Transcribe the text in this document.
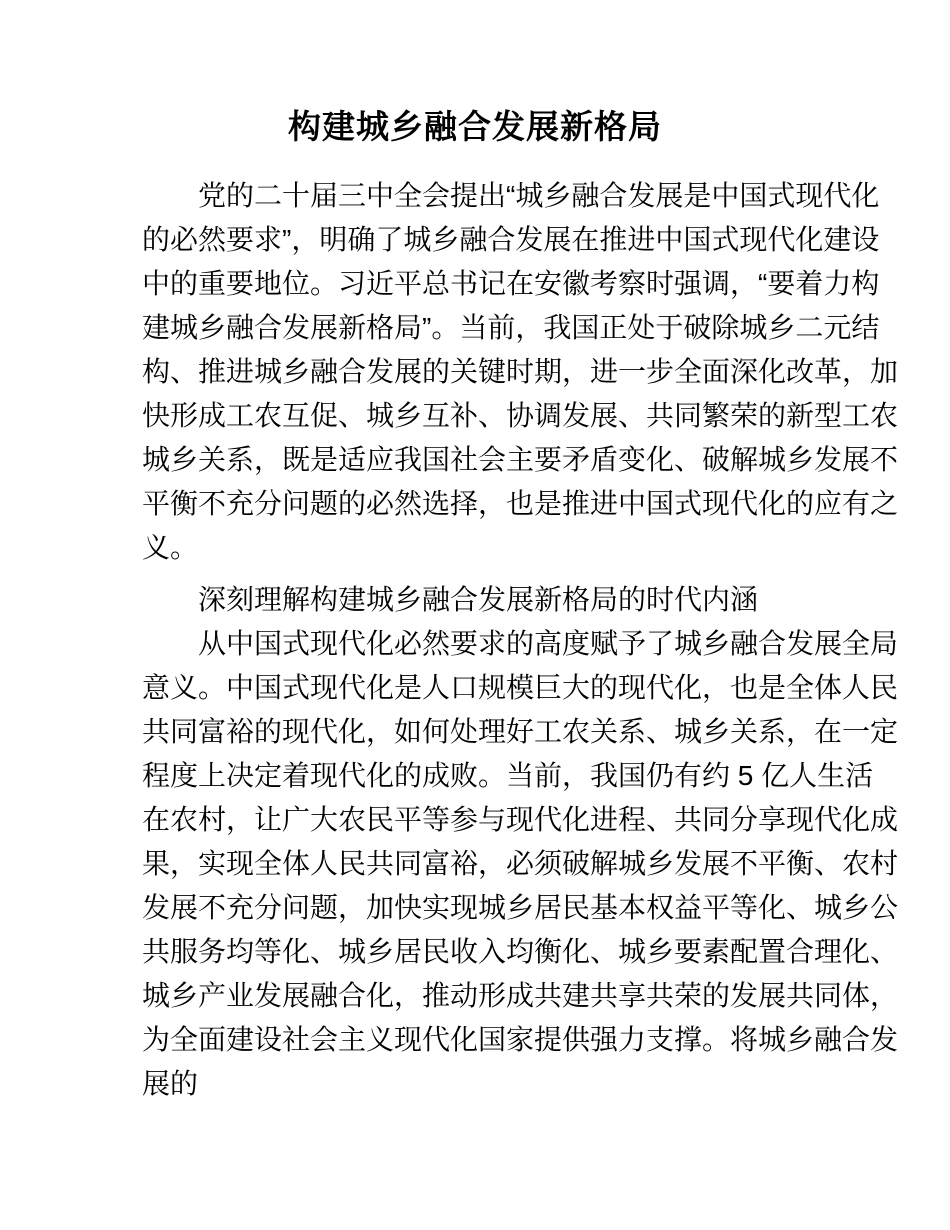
构建城乡融合发展新格局
党的二十届三中全会提出“城乡融合发展是中国式现代化
的必然要求”，明确了城乡融合发展在推进中国式现代化建设
中的重要地位。习近平总书记在安徽考察时强调，“要着力构
建城乡融合发展新格局”。当前，我国正处于破除城乡二元结
构、推进城乡融合发展的关键时期，进一步全面深化改革，加
快形成工农互促、城乡互补、协调发展、共同繁荣的新型工农
城乡关系，既是适应我国社会主要矛盾变化、破解城乡发展不
平衡不充分问题的必然选择，也是推进中国式现代化的应有之
义。
深刻理解构建城乡融合发展新格局的时代内涵
从中国式现代化必然要求的高度赋予了城乡融合发展全局
意义。中国式现代化是人口规模巨大的现代化，也是全体人民
共同富裕的现代化，如何处理好工农关系、城乡关系，在一定
程度上决定着现代化的成败。当前，我国仍有约 5 亿人生活
在农村，让广大农民平等参与现代化进程、共同分享现代化成
果，实现全体人民共同富裕，必须破解城乡发展不平衡、农村
发展不充分问题，加快实现城乡居民基本权益平等化、城乡公
共服务均等化、城乡居民收入均衡化、城乡要素配置合理化、
城乡产业发展融合化，推动形成共建共享共荣的发展共同体，
为全面建设社会主义现代化国家提供强力支撑。将城乡融合发
展的
